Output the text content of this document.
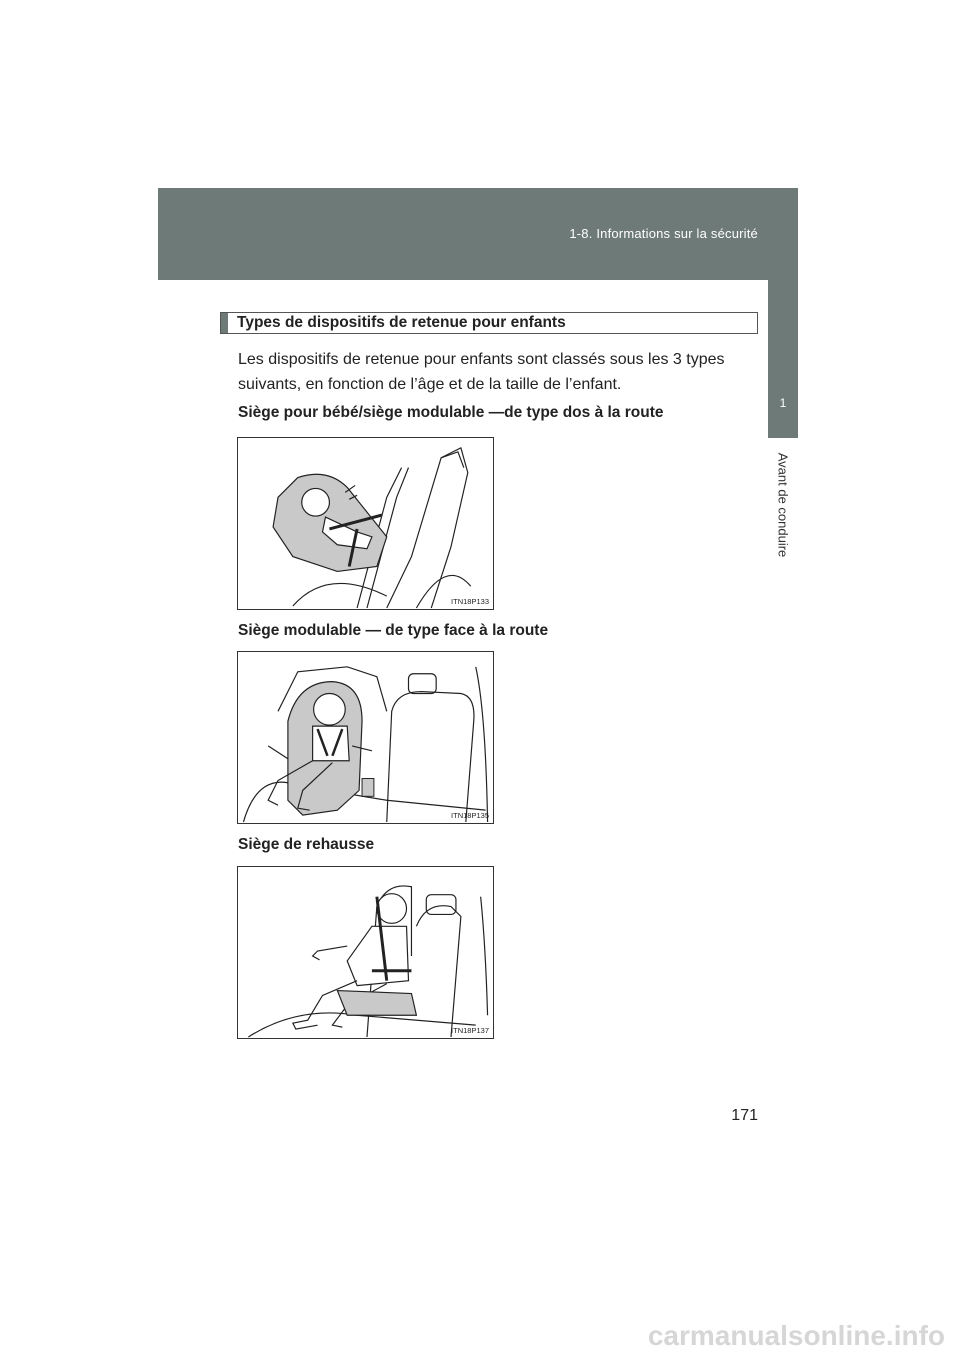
1-8. Informations sur la sécurité
1
Avant de conduire
Types de dispositifs de retenue pour enfants
Les dispositifs de retenue pour enfants sont classés sous les 3 types suivants, en fonction de l’âge et de la taille de l’enfant.
Siège pour bébé/siège modulable —de type dos à la route
ITN18P133
Siège modulable — de type face à la route
ITN18P135
Siège de rehausse
ITN18P137
171
carmanualsonline.info
